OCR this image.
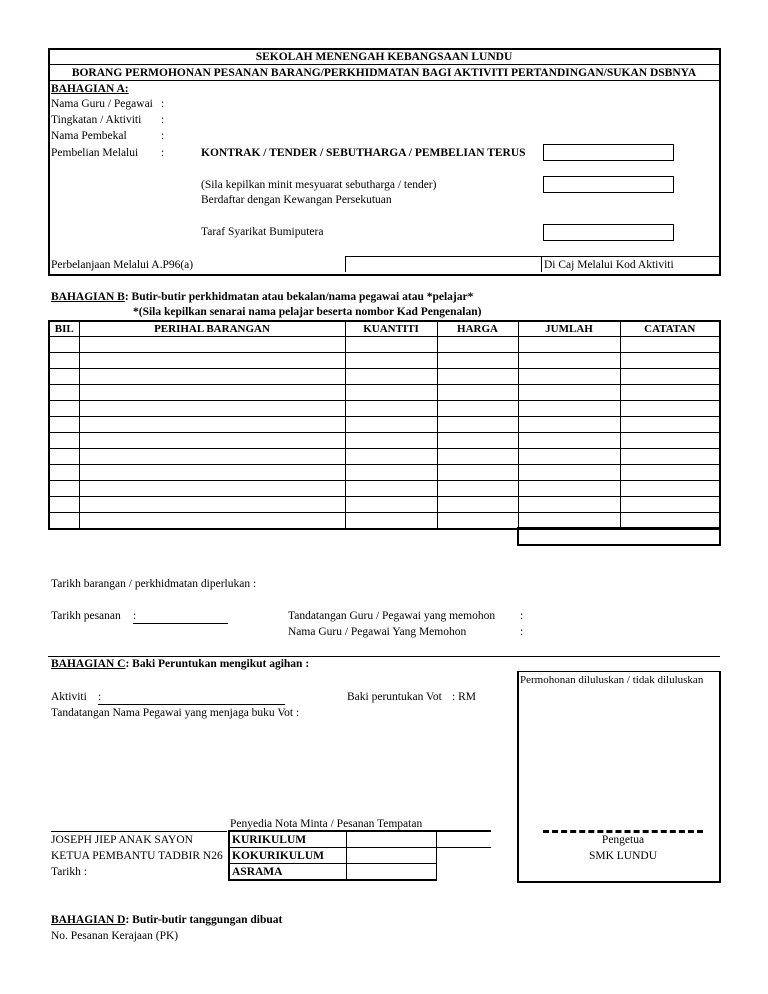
SEKOLAH MENENGAH KEBANGSAAN LUNDU
BORANG PERMOHONAN PESANAN BARANG/PERKHIDMATAN BAGI AKTIVITI PERTANDINGAN/SUKAN DSBNYA
BAHAGIAN A:
Nama Guru / Pegawai :
Tingkatan / Aktiviti :
Nama Pembekal	:
Pembelian Melalui :	KONTRAK / TENDER / SEBUTHARGA / PEMBELIAN TERUS
(Sila kepilkan minit mesyuarat sebutharga / tender)
Berdaftar dengan Kewangan Persekutuan
Taraf Syarikat Bumiputera
Perbelanjaan Melalui A.P96(a)	Di Caj Melalui Kod Aktiviti
BAHAGIAN B: Butir-butir perkhidmatan atau bekalan/nama pegawai atau *pelajar*
*(Sila kepilkan senarai nama pelajar beserta nombor Kad Pengenalan)
BIL	PERIHAL BARANGAN	KUANTITI	HARGA	JUMLAH	CATATAN

Tarikh barangan / perkhidmatan diperlukan :
Tarikh pesanan :	Tandatangan Guru / Pegawai yang memohon :
Nama Guru / Pegawai Yang Memohon	:
BAHAGIAN C: Baki Peruntukan mengikut agihan :
Permohonan diluluskan / tidak diluluskan
Aktiviti :	Baki peruntukan Vot : RM
Tandatangan Nama Pegawai yang menjaga buku Vot :
Penyedia Nota Minta / Pesanan Tempatan
JOSEPH JIEP ANAK SAYON
KETUA PEMBANTU TADBIR N26
Tarikh :
KURIKULUM		
KOKURIKULUM		
ASRAMA		
Pengetua
SMK LUNDU
BAHAGIAN D: Butir-butir tanggungan dibuat
No. Pesanan Kerajaan (PK)
